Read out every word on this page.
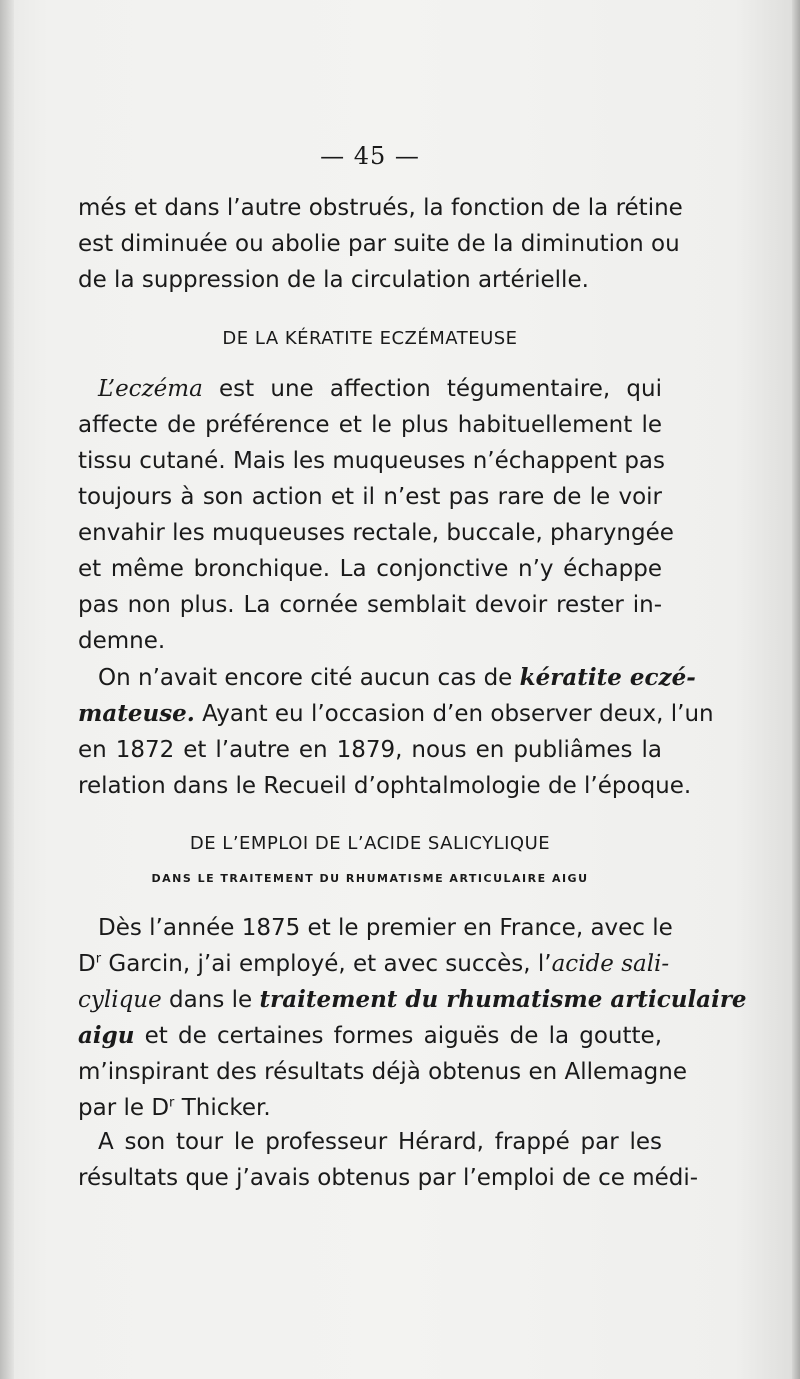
— 45 —
més et dans l’autre obstrués, la fonction de la rétine
est diminuée ou abolie par suite de la diminution ou
de la suppression de la circulation artérielle.
DE LA KÉRATITE ECZÉMATEUSE
L’eczéma est une affection tégumentaire, qui
affecte de préférence et le plus habituellement le
tissu cutané. Mais les muqueuses n’échappent pas
toujours à son action et il n’est pas rare de le voir
envahir les muqueuses rectale, buccale, pharyngée
et même bronchique. La conjonctive n’y échappe
pas non plus. La cornée semblait devoir rester in-
demne.
On n’avait encore cité aucun cas de kératite eczé-
mateuse. Ayant eu l’occasion d’en observer deux, l’un
en 1872 et l’autre en 1879, nous en publiâmes la
relation dans le Recueil d’ophtalmologie de l’époque.
DE L’EMPLOI DE L’ACIDE SALICYLIQUE
DANS LE TRAITEMENT DU RHUMATISME ARTICULAIRE AIGU
Dès l’année 1875 et le premier en France, avec le
$D^r$ Garcin, j’ai employé, et avec succès, l’acide sali-
cylique dans le traitement du rhumatisme articulaire
aigu et de certaines formes aiguës de la goutte,
m’inspirant des résultats déjà obtenus en Allemagne
par le $D^r$ Thicker.
A son tour le professeur Hérard, frappé par les
résultats que j’avais obtenus par l’emploi de ce médi-
